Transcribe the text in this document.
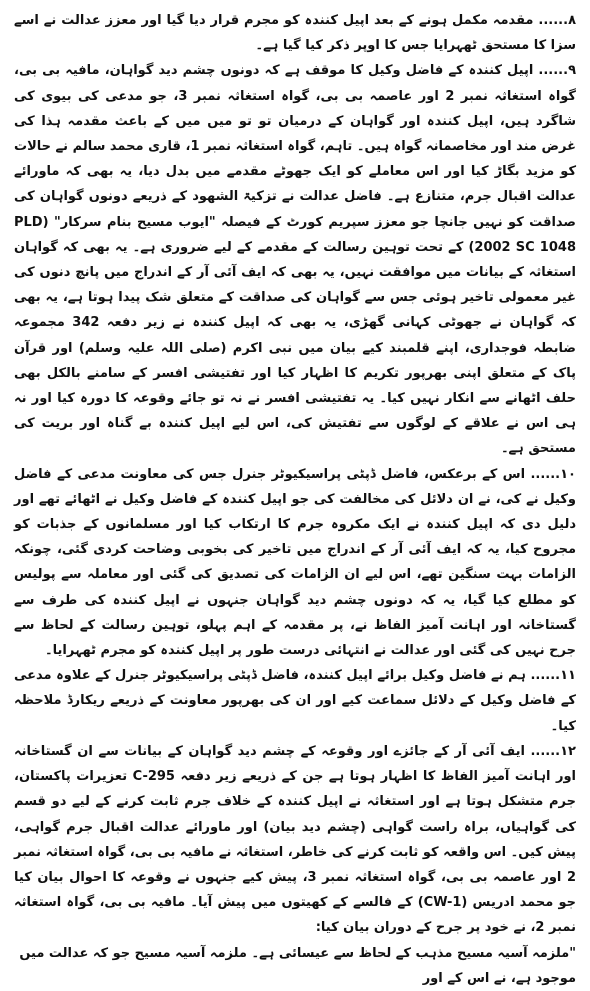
٨...... مقدمہ مکمل ہونے کے بعد اپیل کنندہ کو مجرم قرار دیا گیا اور معزز عدالت نے اسے سزا کا مستحق ٹھہرایا جس کا اوپر ذکر کیا گیا ہے۔

٩...... اپیل کنندہ کے فاضل وکیل کا موقف ہے کہ دونوں چشم دید گواہان، مافیہ بی بی، گواہ استغاثہ نمبر 2 اور عاصمہ بی بی، گواہ استغاثہ نمبر 3، جو مدعی کی بیوی کی شاگرد ہیں، اپیل کنندہ اور گواہان کے درمیان تو تو میں میں کے باعث مقدمہ ہذا کی غرض مند اور مخاصمانہ گواہ ہیں۔ تاہم، گواہ استغاثہ نمبر 1، قاری محمد سالم نے حالات کو مزید بگاڑ کیا اور اس معاملے کو ایک جھوٹے مقدمے میں بدل دیا، یہ بھی کہ ماورائے عدالت اقبال جرم، متنازع ہے۔ فاضل عدالت نے تزکیۃ الشھود کے ذریعے دونوں گواہان کی صداقت کو نہیں جانچا جو معزز سپریم کورٹ کے فیصلہ "ایوب مسیح بنام سرکار" (PLD 2002 SC 1048) کے تحت توہین رسالت کے مقدمے کے لیے ضروری ہے۔ یہ بھی کہ گواہان استغاثہ کے بیانات میں موافقت نہیں، یہ بھی کہ ایف آئی آر کے اندراج میں پانچ دنوں کی غیر معمولی تاخیر ہوئی جس سے گواہان کی صداقت کے متعلق شک پیدا ہوتا ہے، یہ بھی کہ گواہان نے جھوٹی کہانی گھڑی، یہ بھی کہ اپیل کنندہ نے زیر دفعہ 342 مجموعہ ضابطہ فوجداری، اپنے قلمبند کیے بیان میں نبی اکرم (صلی اللہ علیہ وسلم) اور قرآن پاک کے متعلق اپنی بھرپور تکریم کا اظہار کیا اور تفتیشی افسر کے سامنے بالکل بھی حلف اٹھانے سے انکار نہیں کیا۔ یہ تفتیشی افسر نے نہ تو جائے وقوعہ کا دورہ کیا اور نہ ہی اس نے علاقے کے لوگوں سے تفتیش کی، اس لیے اپیل کنندہ بے گناہ اور بریت کی مستحق ہے۔

١٠...... اس کے برعکس، فاضل ڈپٹی پراسیکیوٹر جنرل جس کی معاونت مدعی کے فاضل وکیل نے کی، نے ان دلائل کی مخالفت کی جو اپیل کنندہ کے فاضل وکیل نے اٹھائے تھے اور دلیل دی کہ اپیل کنندہ نے ایک مکروہ جرم کا ارتکاب کیا اور مسلمانوں کے جذبات کو مجروح کیا، یہ کہ ایف آئی آر کے اندراج میں تاخیر کی بخوبی وضاحت کردی گئی، چونکہ الزامات بہت سنگین تھے، اس لیے ان الزامات کی تصدیق کی گئی اور معاملہ سے پولیس کو مطلع کیا گیا، یہ کہ دونوں چشم دید گواہان جنہوں نے اپیل کنندہ کی طرف سے گستاخانہ اور اہانت آمیز الفاظ نے، پر مقدمہ کے اہم پہلو، توہین رسالت کے لحاظ سے جرح نہیں کی گئی اور عدالت نے انتہائی درست طور پر اپیل کنندہ کو مجرم ٹھہرایا۔

١١...... ہم نے فاضل وکیل برائے اپیل کنندہ، فاضل ڈپٹی پراسیکیوٹر جنرل کے علاوہ مدعی کے فاضل وکیل کے دلائل سماعت کیے اور ان کی بھرپور معاونت کے ذریعے ریکارڈ ملاحظہ کیا۔

١٢...... ایف آئی آر کے جائزے اور وقوعہ کے چشم دید گواہان کے بیانات سے ان گستاخانہ اور اہانت آمیز الفاظ کا اظہار ہوتا ہے جن کے ذریعے زیر دفعہ C-295 تعزیرات پاکستان، جرم متشکل ہوتا ہے اور استغاثہ نے اپیل کنندہ کے خلاف جرم ثابت کرنے کے لیے دو قسم کی گواہیاں، براہ راست گواہی (چشم دید بیان) اور ماورائے عدالت اقبال جرم گواہی، پیش کیں۔ اس واقعہ کو ثابت کرنے کی خاطر، استغاثہ نے مافیہ بی بی، گواہ استغاثہ نمبر 2 اور عاصمہ بی بی، گواہ استغاثہ نمبر 3، پیش کیے جنہوں نے وقوعہ کا احوال بیان کیا جو محمد ادریس (CW-1) کے فالسے کے کھیتوں میں پیش آیا۔ مافیہ بی بی، گواہ استغاثہ نمبر 2، نے خود پر جرح کے دوران بیان کیا:

"ملزمہ آسیہ مسیح مذہب کے لحاظ سے عیسائی ہے۔ ملزمہ آسیہ مسیح جو کہ عدالت میں موجود ہے، نے اس کے اور
